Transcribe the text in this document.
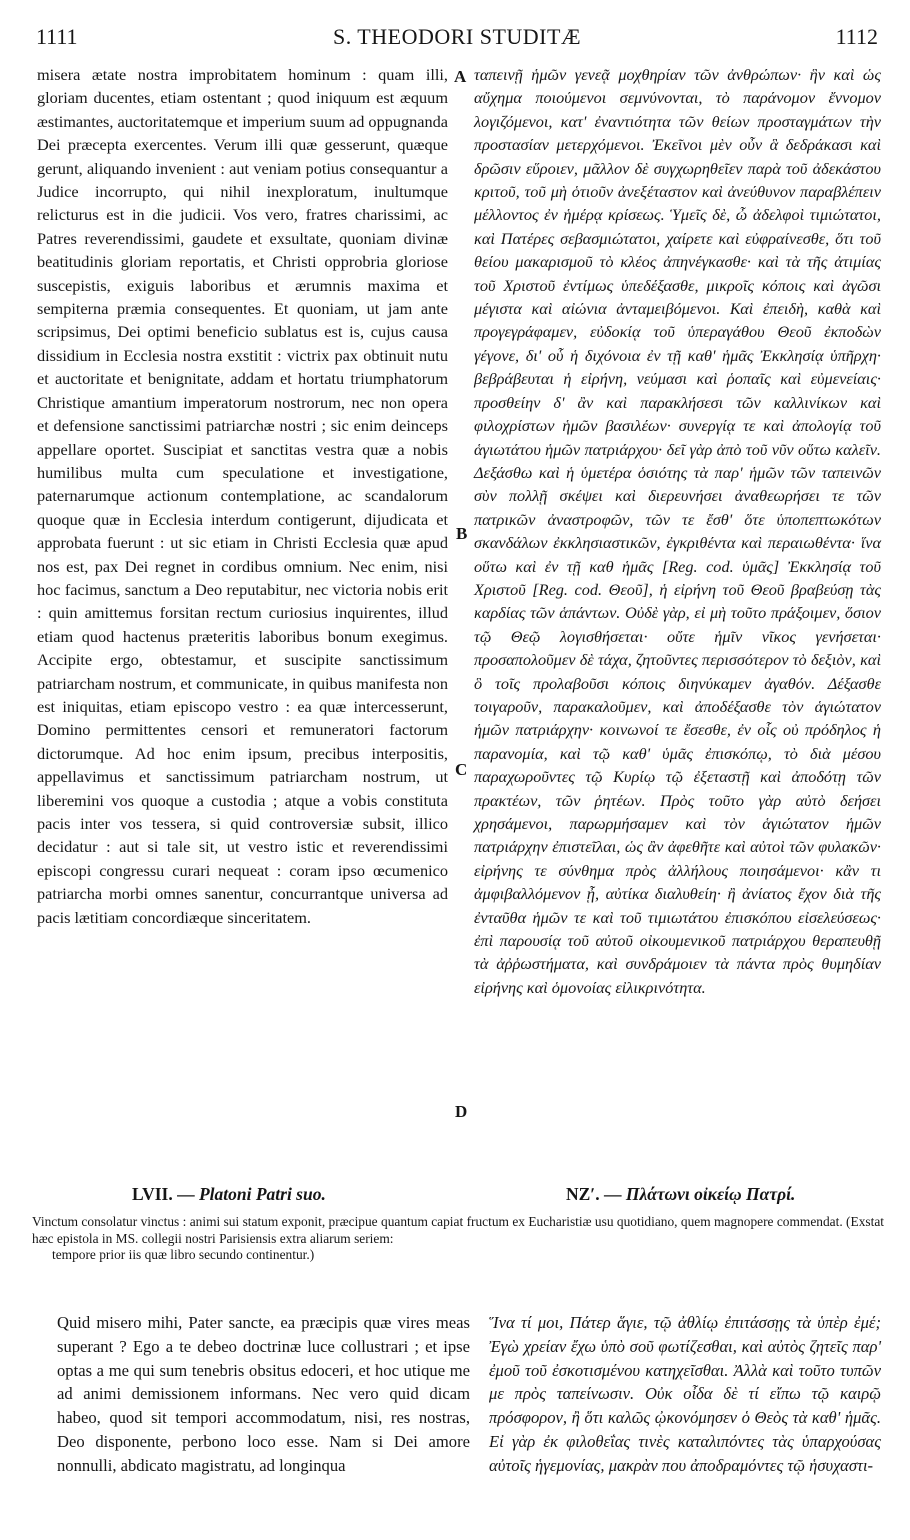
1111	S. THEODORI STUDITÆ	1112

misera ætate nostra improbitatem hominum : quam illi, gloriam ducentes, etiam ostentant ; quod iniquum est æquum æstimantes, auctoritatemque et imperium suum ad oppugnanda Dei præcepta exercentes. Verum illi quæ gesserunt, quæque gerunt, aliquando invenient : aut veniam potius consequantur a Judice incorrupto, qui nihil inexploratum, inultumque relicturus est in die judicii. Vos vero, fratres charissimi, ac Patres reverendissimi, gaudete et exsultate, quoniam divinæ beatitudinis gloriam reportatis, et Christi opprobria gloriose suscepistis, exiguis laboribus et ærumnis maxima et sempiterna præmia consequentes. Et quoniam, ut jam ante scripsimus, Dei optimi beneficio sublatus est is, cujus causa dissidium in Ecclesia nostra exstitit : victrix pax obtinuit nutu et auctoritate et benignitate, addam et hortatu triumphatorum Christique amantium imperatorum nostrorum, nec non opera et defensione sanctissimi patriarchæ nostri ; sic enim deinceps appellare oportet. Suscipiat et sanctitas vestra quæ a nobis humilibus multa cum speculatione et investigatione, paternarumque actionum contemplatione, ac scandalorum quoque quæ in Ecclesia interdum contigerunt, dijudicata et approbata fuerunt : ut sic etiam in Christi Ecclesia quæ apud nos est, pax Dei regnet in cordibus omnium. Nec enim, nisi hoc facimus, sanctum a Deo reputabitur, nec victoria nobis erit : quin amittemus forsitan rectum curiosius inquirentes, illud etiam quod hactenus præteritis laboribus bonum exegimus. Accipite ergo, obtestamur, et suscipite sanctissimum patriarcham nostrum, et communicate, in quibus manifesta non est iniquitas, etiam episcopo vestro : ea quæ intercesserunt, Domino permittentes censori et remuneratori factorum dictorumque. Ad hoc enim ipsum, precibus interpositis, appellavimus et sanctissimum patriarcham nostrum, ut liberemini vos quoque a custodia ; atque a vobis constituta pacis inter vos tessera, si quid controversiæ subsit, illico decidatur : aut si tale sit, ut vestro istic et reverendissimi episcopi congressu curari nequeat : coram ipso œcumenico patriarcha morbi omnes sanentur, concurrantque universa ad pacis lætitiam concordiæque sinceritatem.

A
B
C
D

ταπεινῇ ἡμῶν γενεᾷ μοχθηρίαν τῶν ἀνθρώπων· ἣν καὶ ὡς αὔχημα ποιούμενοι σεμνύνονται, τὸ παράνομον ἔννομον λογιζόμενοι, κατ' ἐναντιότητα τῶν θείων προσταγμάτων τὴν προστασίαν μετερχόμενοι. Ἐκεῖνοι μὲν οὖν ἃ δεδράκασι καὶ δρῶσιν εὕροιεν, μᾶλλον δὲ συγχωρηθεῖεν παρὰ τοῦ ἀδεκάστου κριτοῦ, τοῦ μὴ ὁτιοῦν ἀνεξέταστον καὶ ἀνεύθυνον παραβλέπειν μέλλοντος ἐν ἡμέρᾳ κρίσεως. Ὑμεῖς δὲ, ὦ ἀδελφοὶ τιμιώτατοι, καὶ Πατέρες σεβασμιώτατοι, χαίρετε καὶ εὐφραίνεσθε, ὅτι τοῦ θείου μακαρισμοῦ τὸ κλέος ἀπηνέγκασθε· καὶ τὰ τῆς ἀτιμίας τοῦ Χριστοῦ ἐντίμως ὑπεδέξασθε, μικροῖς κόποις καὶ ἀγῶσι μέγιστα καὶ αἰώνια ἀνταμειβόμενοι. Καὶ ἐπειδὴ, καθὰ καὶ προγεγράφαμεν, εὐδοκίᾳ τοῦ ὑπεραγάθου Θεοῦ ἐκποδὼν γέγονε, δι' οὗ ἡ διχόνοια ἐν τῇ καθ' ἡμᾶς Ἐκκλησίᾳ ὑπῆρχη· βεβράβευται ἡ εἰρήνη, νεύμασι καὶ ῥοπαῖς καὶ εὐμενείαις· προσθείην δ' ἂν καὶ παρακλήσεσι τῶν καλλινίκων καὶ φιλοχρίστων ἡμῶν βασιλέων· συνεργίᾳ τε καὶ ἀπολογίᾳ τοῦ ἁγιωτάτου ἡμῶν πατριάρχου· δεῖ γὰρ ἀπὸ τοῦ νῦν οὕτω καλεῖν. Δεξάσθω καὶ ἡ ὑμετέρα ὁσιότης τὰ παρ' ἡμῶν τῶν ταπεινῶν σὺν πολλῇ σκέψει καὶ διερευνήσει ἀναθεωρήσει τε τῶν πατρικῶν ἀναστροφῶν, τῶν τε ἔσθ' ὅτε ὑποπεπτωκότων σκανδάλων ἐκκλησιαστικῶν, ἐγκριθέντα καὶ περαιωθέντα· ἵνα οὕτω καὶ ἐν τῇ καθ ἡμᾶς [Reg. cod. ὑμᾶς] Ἐκκλησίᾳ τοῦ Χριστοῦ [Reg. cod. Θεοῦ], ἡ εἰρήνη τοῦ Θεοῦ βραβεύσῃ τὰς καρδίας τῶν ἁπάντων. Οὐδὲ γὰρ, εἰ μὴ τοῦτο πράξοιμεν, ὅσιον τῷ Θεῷ λογισθήσεται· οὔτε ἡμῖν νῖκος γενήσεται· προσαπολοῦμεν δὲ τάχα, ζητοῦντες περισσότερον τὸ δεξιὸν, καὶ ὃ τοῖς προλαβοῦσι κόποις διηνύκαμεν ἀγαθόν. Δέξασθε τοιγαροῦν, παρακαλοῦμεν, καὶ ἀποδέξασθε τὸν ἁγιώτατον ἡμῶν πατριάρχην· κοινωνοί τε ἔσεσθε, ἐν οἷς οὐ πρόδηλος ἡ παρανομία, καὶ τῷ καθ' ὑμᾶς ἐπισκόπῳ, τὸ διὰ μέσου παραχωροῦντες τῷ Κυρίῳ τῷ ἐξεταστῇ καὶ ἀποδότῃ τῶν πρακτέων, τῶν ῥητέων. Πρὸς τοῦτο γὰρ αὐτὸ δεήσει χρησάμενοι, παρωρμήσαμεν καὶ τὸν ἁγιώτατον ἡμῶν πατριάρχην ἐπιστεῖλαι, ὡς ἂν ἀφεθῆτε καὶ αὐτοὶ τῶν φυλακῶν· εἰρήνης τε σύνθημα πρὸς ἀλλήλους ποιησάμενοι· κἂν τι ἀμφιβαλλόμενον ᾖ, αὐτίκα διαλυθείη· ἢ ἀνίατος ἔχον διὰ τῆς ἐνταῦθα ἡμῶν τε καὶ τοῦ τιμιωτάτου ἐπισκόπου εἰσελεύσεως· ἐπὶ παρουσίᾳ τοῦ αὐτοῦ οἰκουμενικοῦ πατριάρχου θεραπευθῇ τὰ ἀῤῥωστήματα, καὶ συνδράμοιεν τὰ πάντα πρὸς θυμηδίαν εἰρήνης καὶ ὁμονοίας εἰλικρινότητα.

LVII. — Platoni Patri suo.	ΝΖʹ. — Πλάτωνι οἰκείῳ Πατρί.

Vinctum consolatur vinctus : animi sui statum exponit, præcipue quantum capiat fructum ex Eucharistiæ usu quotidiano, quem magnopere commendat. (Exstat hæc epistola in MS. collegii nostri Parisiensis extra aliarum seriem:

tempore prior iis quæ libro secundo continentur.)

Quid misero mihi, Pater sancte, ea præcipis quæ vires meas superant ? Ego a te debeo doctrinæ luce collustrari ; et ipse optas a me qui sum tenebris obsitus edoceri, et hoc utique me ad animi demissionem informans. Nec vero quid dicam habeo, quod sit tempori accommodatum, nisi, res nostras, Deo disponente, perbono loco esse. Nam si Dei amore nonnulli, abdicato magistratu, ad longinqua

Ἵνα τί μοι, Πάτερ ἅγιε, τῷ ἀθλίῳ ἐπιτάσσῃς τὰ ὑπὲρ ἐμέ; Ἐγὼ χρείαν ἔχω ὑπὸ σοῦ φωτίζεσθαι, καὶ αὐτὸς ζητεῖς παρ' ἐμοῦ τοῦ ἐσκοτισμένου κατηχεῖσθαι. Ἀλλὰ καὶ τοῦτο τυπῶν με πρὸς ταπείνωσιν. Οὐκ οἶδα δὲ τί εἴπω τῷ καιρῷ πρόσφορον, ἢ ὅτι καλῶς ᾠκονόμησεν ὁ Θεὸς τὰ καθ' ἡμᾶς. Εἰ γὰρ ἐκ φιλοθεΐας τινὲς καταλιπόντες τὰς ὑπαρχούσας αὐτοῖς ἡγεμονίας, μακρὰν που ἀποδραμόντες τῷ ἡσυχαστι-
